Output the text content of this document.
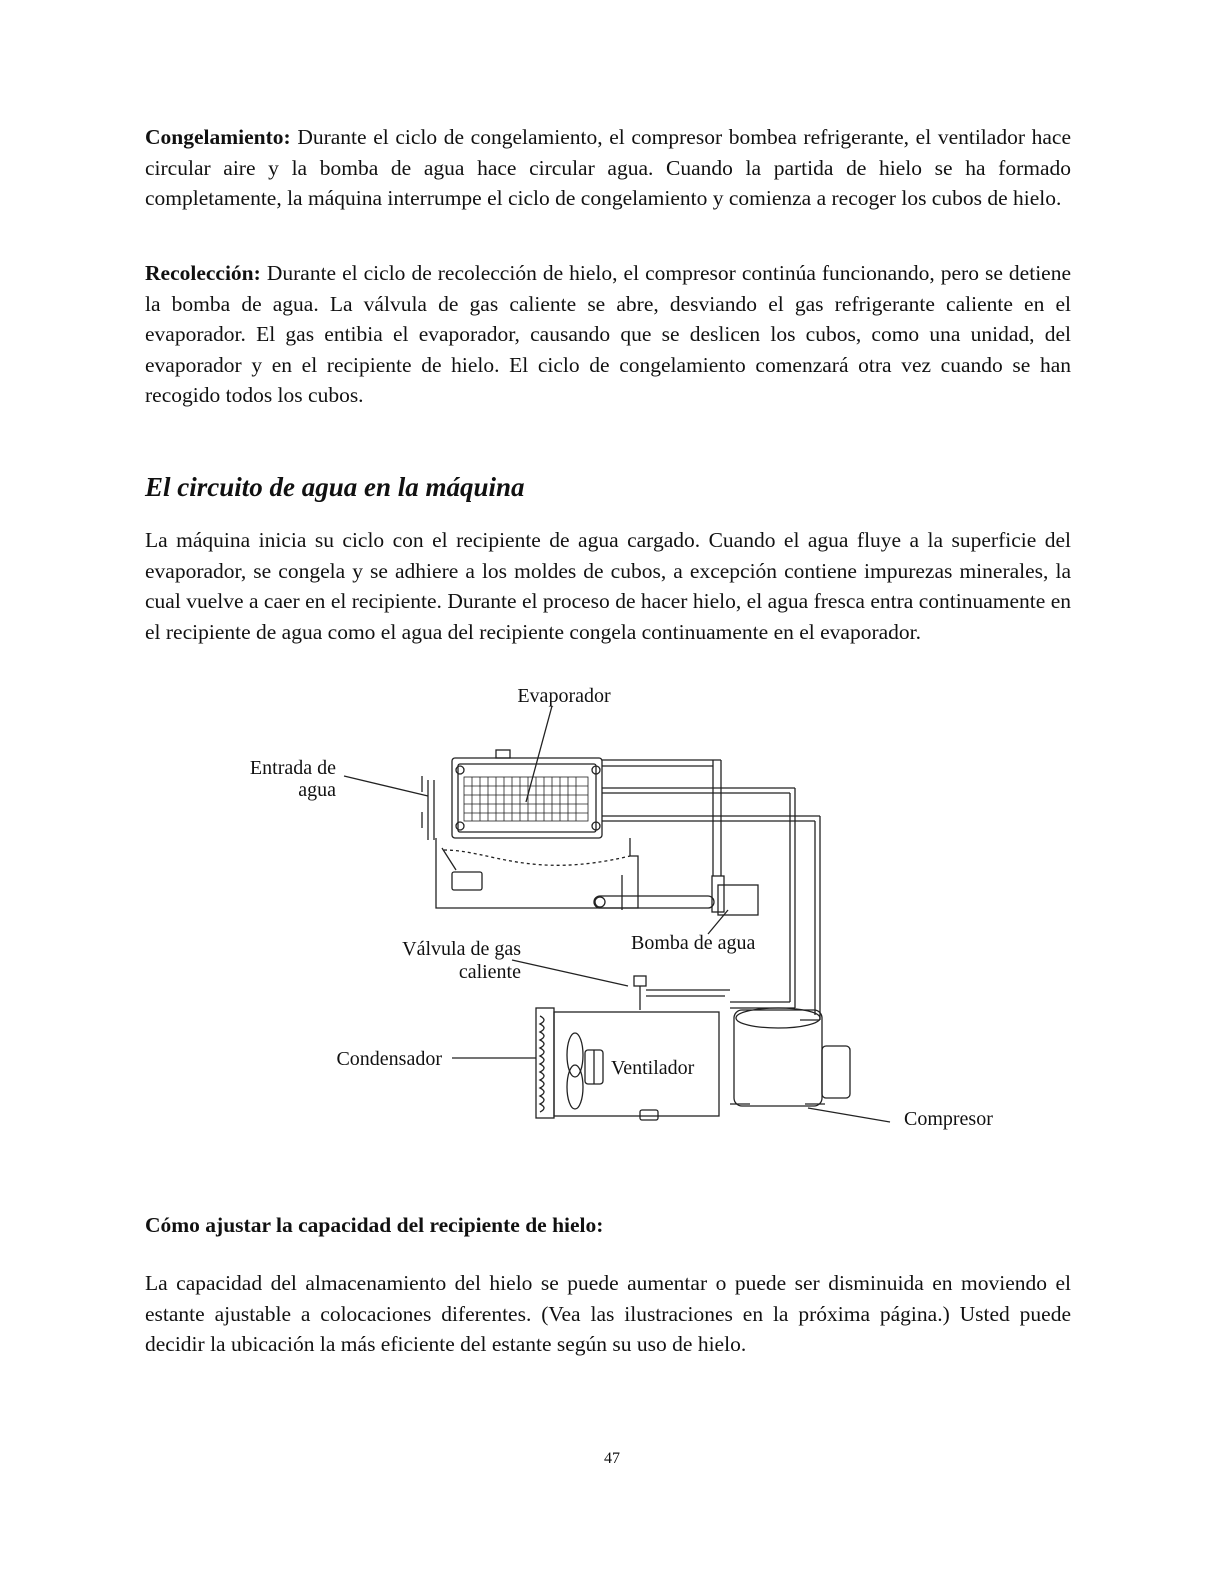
Congelamiento: Durante el ciclo de congelamiento, el compresor bombea refrigerante, el ventilador hace circular aire y la bomba de agua hace circular agua. Cuando la partida de hielo se ha formado completamente, la máquina interrumpe el ciclo de congelamiento y comienza a recoger los cubos de hielo.

Recolección: Durante el ciclo de recolección de hielo, el compresor continúa funcionando, pero se detiene la bomba de agua. La válvula de gas caliente se abre, desviando el gas refrigerante caliente en el evaporador. El gas entibia el evaporador, causando que se deslicen los cubos, como una unidad, del evaporador y en el recipiente de hielo. El ciclo de congelamiento comenzará otra vez cuando se han recogido todos los cubos.

El circuito de agua en la máquina

La máquina inicia su ciclo con el recipiente de agua cargado. Cuando el agua fluye a la superficie del evaporador, se congela y se adhiere a los moldes de cubos, a excepción contiene impurezas minerales, la cual vuelve a caer en el recipiente. Durante el proceso de hacer hielo, el agua fresca entra continuamente en el recipiente de agua como el agua del recipiente congela continuamente en el evaporador.

Evaporador
Entrada de
agua
Válvula de gas
caliente
Bomba de agua
Condensador	Ventilador
Compresor
Cómo ajustar la capacidad del recipiente de hielo:

La capacidad del almacenamiento del hielo se puede aumentar o puede ser disminuida en moviendo el estante ajustable a colocaciones diferentes. (Vea las ilustraciones en la próxima página.) Usted puede decidir la ubicación la más eficiente del estante según su uso de hielo.

47
